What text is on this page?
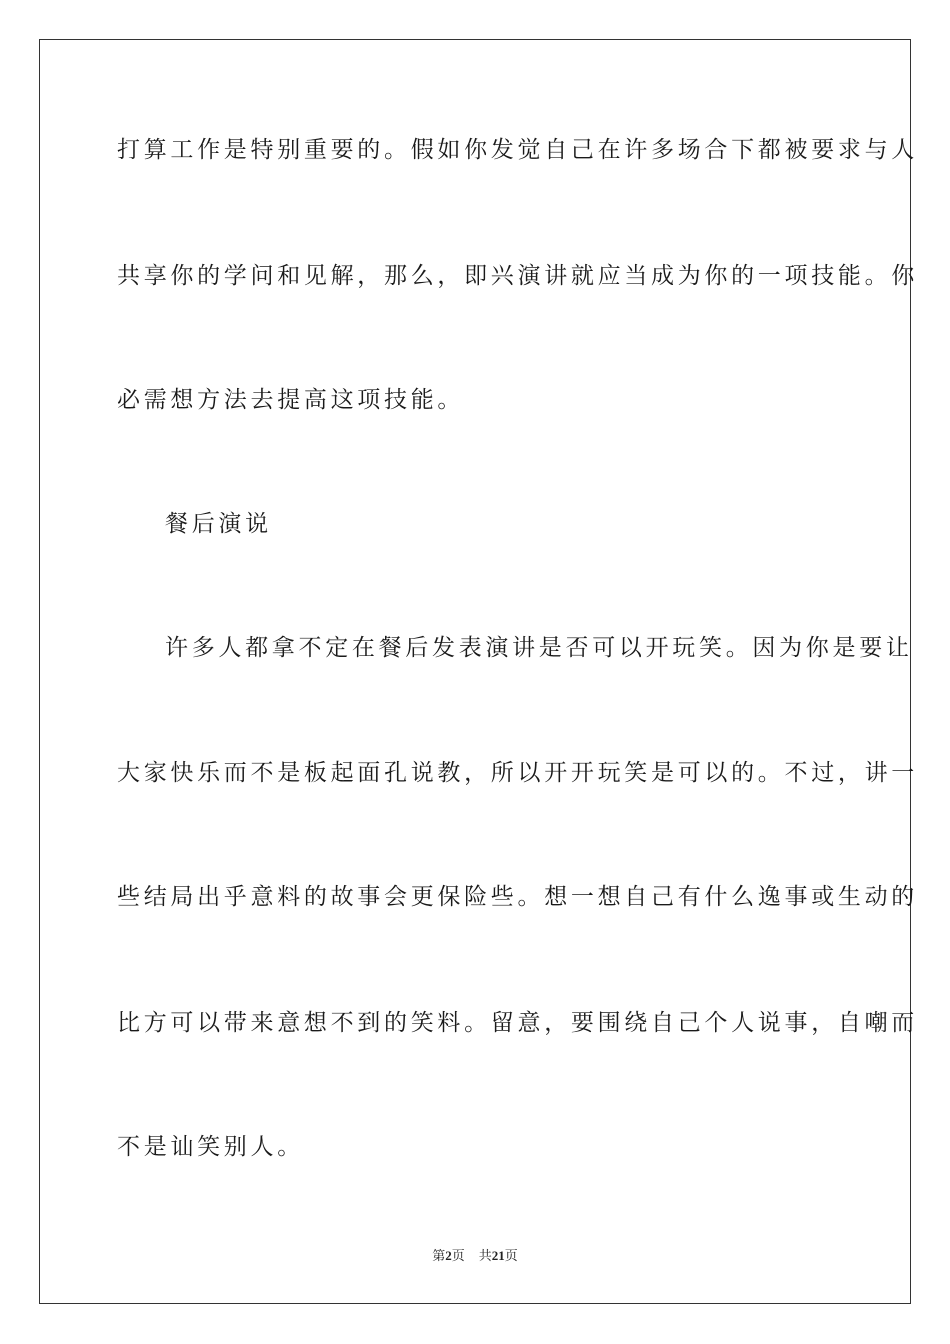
打算工作是特别重要的。假如你发觉自己在许多场合下都被要求与人
共享你的学问和见解，那么，即兴演讲就应当成为你的一项技能。你
必需想方法去提高这项技能。
餐后演说
许多人都拿不定在餐后发表演讲是否可以开玩笑。因为你是要让
大家快乐而不是板起面孔说教，所以开开玩笑是可以的。不过，讲一
些结局出乎意料的故事会更保险些。想一想自己有什么逸事或生动的
比方可以带来意想不到的笑料。留意，要围绕自己个人说事，自嘲而
不是讪笑别人。
第2页 共21页
